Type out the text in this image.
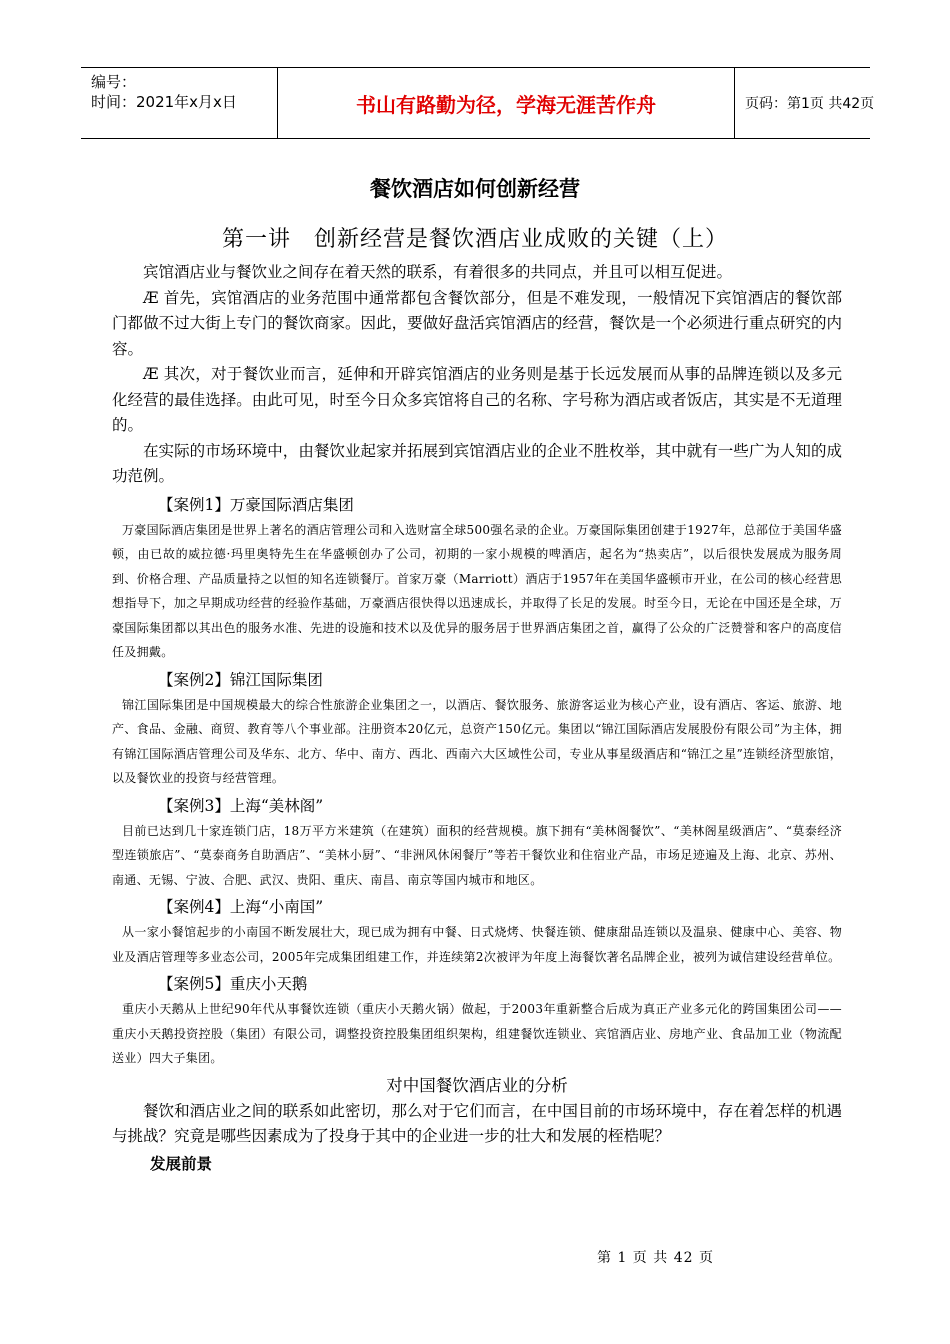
编号：
时间：2021年x月x日	书山有路勤为径，学海无涯苦作舟	页码：第1页 共42页
餐饮酒店如何创新经营
第一讲　创新经营是餐饮酒店业成败的关键（上）

宾馆酒店业与餐饮业之间存在着天然的联系，有着很多的共同点，并且可以相互促进。

Æ 首先，宾馆酒店的业务范围中通常都包含餐饮部分，但是不难发现，一般情况下宾馆酒店的餐饮部门都做不过大街上专门的餐饮商家。因此，要做好盘活宾馆酒店的经营，餐饮是一个必须进行重点研究的内容。

Æ 其次，对于餐饮业而言，延伸和开辟宾馆酒店的业务则是基于长远发展而从事的品牌连锁以及多元化经营的最佳选择。由此可见，时至今日众多宾馆将自己的名称、字号称为酒店或者饭店，其实是不无道理的。

在实际的市场环境中，由餐饮业起家并拓展到宾馆酒店业的企业不胜枚举，其中就有一些广为人知的成功范例。

【案例1】万豪国际酒店集团

万豪国际酒店集团是世界上著名的酒店管理公司和入选财富全球500强名录的企业。万豪国际集团创建于1927年，总部位于美国华盛顿，由已故的威拉德·玛里奥特先生在华盛顿创办了公司，初期的一家小规模的啤酒店，起名为“热卖店”，以后很快发展成为服务周到、价格合理、产品质量持之以恒的知名连锁餐厅。首家万豪（Marriott）酒店于1957年在美国华盛顿市开业，在公司的核心经营思想指导下，加之早期成功经营的经验作基础，万豪酒店很快得以迅速成长，并取得了长足的发展。时至今日，无论在中国还是全球，万豪国际集团都以其出色的服务水准、先进的设施和技术以及优异的服务居于世界酒店集团之首，赢得了公众的广泛赞誉和客户的高度信任及拥戴。

【案例2】锦江国际集团

锦江国际集团是中国规模最大的综合性旅游企业集团之一，以酒店、餐饮服务、旅游客运业为核心产业，设有酒店、客运、旅游、地产、食品、金融、商贸、教育等八个事业部。注册资本20亿元，总资产150亿元。集团以“锦江国际酒店发展股份有限公司”为主体，拥有锦江国际酒店管理公司及华东、北方、华中、南方、西北、西南六大区域性公司，专业从事星级酒店和“锦江之星”连锁经济型旅馆，以及餐饮业的投资与经营管理。

【案例3】上海“美林阁”

目前已达到几十家连锁门店，18万平方米建筑（在建筑）面积的经营规模。旗下拥有“美林阁餐饮”、“美林阁星级酒店”、“莫泰经济型连锁旅店”、“莫泰商务自助酒店”、“美林小厨”、“非洲风休闲餐厅”等若干餐饮业和住宿业产品，市场足迹遍及上海、北京、苏州、南通、无锡、宁波、合肥、武汉、贵阳、重庆、南昌、南京等国内城市和地区。

【案例4】上海“小南国”

从一家小餐馆起步的小南国不断发展壮大，现已成为拥有中餐、日式烧烤、快餐连锁、健康甜品连锁以及温泉、健康中心、美容、物业及酒店管理等多业态公司，2005年完成集团组建工作，并连续第2次被评为年度上海餐饮著名品牌企业，被列为诚信建设经营单位。

【案例5】重庆小天鹅

重庆小天鹅从上世纪90年代从事餐饮连锁（重庆小天鹅火锅）做起，于2003年重新整合后成为真正产业多元化的跨国集团公司——重庆小天鹅投资控股（集团）有限公司，调整投资控股集团组织架构，组建餐饮连锁业、宾馆酒店业、房地产业、食品加工业（物流配送业）四大子集团。

对中国餐饮酒店业的分析

餐饮和酒店业之间的联系如此密切，那么对于它们而言，在中国目前的市场环境中，存在着怎样的机遇与挑战？究竟是哪些因素成为了投身于其中的企业进一步的壮大和发展的桎梏呢？

发展前景

第 1 页 共 42 页
